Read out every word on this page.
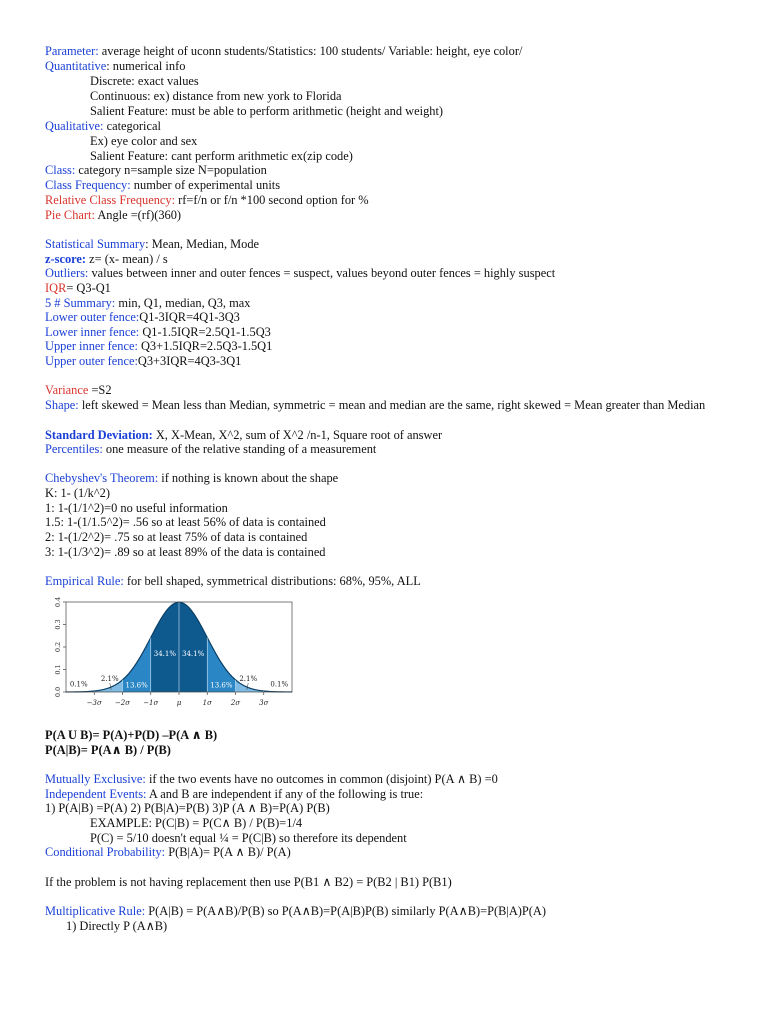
Parameter: average height of uconn students/Statistics: 100 students/ Variable: height, eye color/
Quantitative: numerical info
Discrete: exact values
Continuous: ex) distance from new york to Florida
Salient Feature: must be able to perform arithmetic (height and weight)
Qualitative: categorical
Ex) eye color and sex
Salient Feature: cant perform arithmetic ex(zip code)
Class: category n=sample size N=population
Class Frequency: number of experimental units
Relative Class Frequency: rf=f/n or f/n *100 second option for %
Pie Chart: Angle =(rf)(360)
Statistical Summary: Mean, Median, Mode
z-score: z= (x- mean) / s
Outliers: values between inner and outer fences = suspect, values beyond outer fences = highly suspect
IQR= Q3-Q1
5 # Summary: min, Q1, median, Q3, max
Lower outer fence:Q1-3IQR=4Q1-3Q3
Lower inner fence: Q1-1.5IQR=2.5Q1-1.5Q3
Upper inner fence: Q3+1.5IQR=2.5Q3-1.5Q1
Upper outer fence:Q3+3IQR=4Q3-3Q1
Variance =S2
Shape: left skewed = Mean less than Median, symmetric = mean and median are the same, right skewed = Mean greater than Median
Standard Deviation: X, X-Mean, X^2, sum of X^2 /n-1, Square root of answer
Percentiles: one measure of the relative standing of a measurement
Chebyshev's Theorem: if nothing is known about the shape
K: 1- (1/k^2)
1: 1-(1/1^2)=0 no useful information
1.5: 1-(1/1.5^2)= .56 so at least 56% of data is contained
2: 1-(1/2^2)= .75 so at least 75% of data is contained
3: 1-(1/3^2)= .89 so at least 89% of the data is contained
Empirical Rule: for bell shaped, symmetrical distributions: 68%, 95%, ALL
0.0
0.1
0.2
0.3
0.4
−3σ −2σ −1σ	μ	1σ	2σ	3σ
34.1% 34.1%
13.6%	13.6%
2.1%	2.1%
0.1%	0.1%
P(A U B)= P(A)+P(D) –P(A ∧ B)
P(A|B)= P(A∧ B) / P(B)
Mutually Exclusive: if the two events have no outcomes in common (disjoint) P(A ∧ B) =0
Independent Events: A and B are independent if any of the following is true:
1) P(A|B) =P(A) 2) P(B|A)=P(B) 3)P (A ∧ B)=P(A) P(B)
EXAMPLE: P(C|B) = P(C∧ B) / P(B)=1/4
P(C) = 5/10 doesn't equal ¼ = P(C|B) so therefore its dependent
Conditional Probability: P(B|A)= P(A ∧ B)/ P(A)
If the problem is not having replacement then use P(B1 ∧ B2) = P(B2 | B1) P(B1)
Multiplicative Rule: P(A|B) = P(A∧B)/P(B) so P(A∧B)=P(A|B)P(B) similarly P(A∧B)=P(B|A)P(A)
1) Directly P (A∧B)
